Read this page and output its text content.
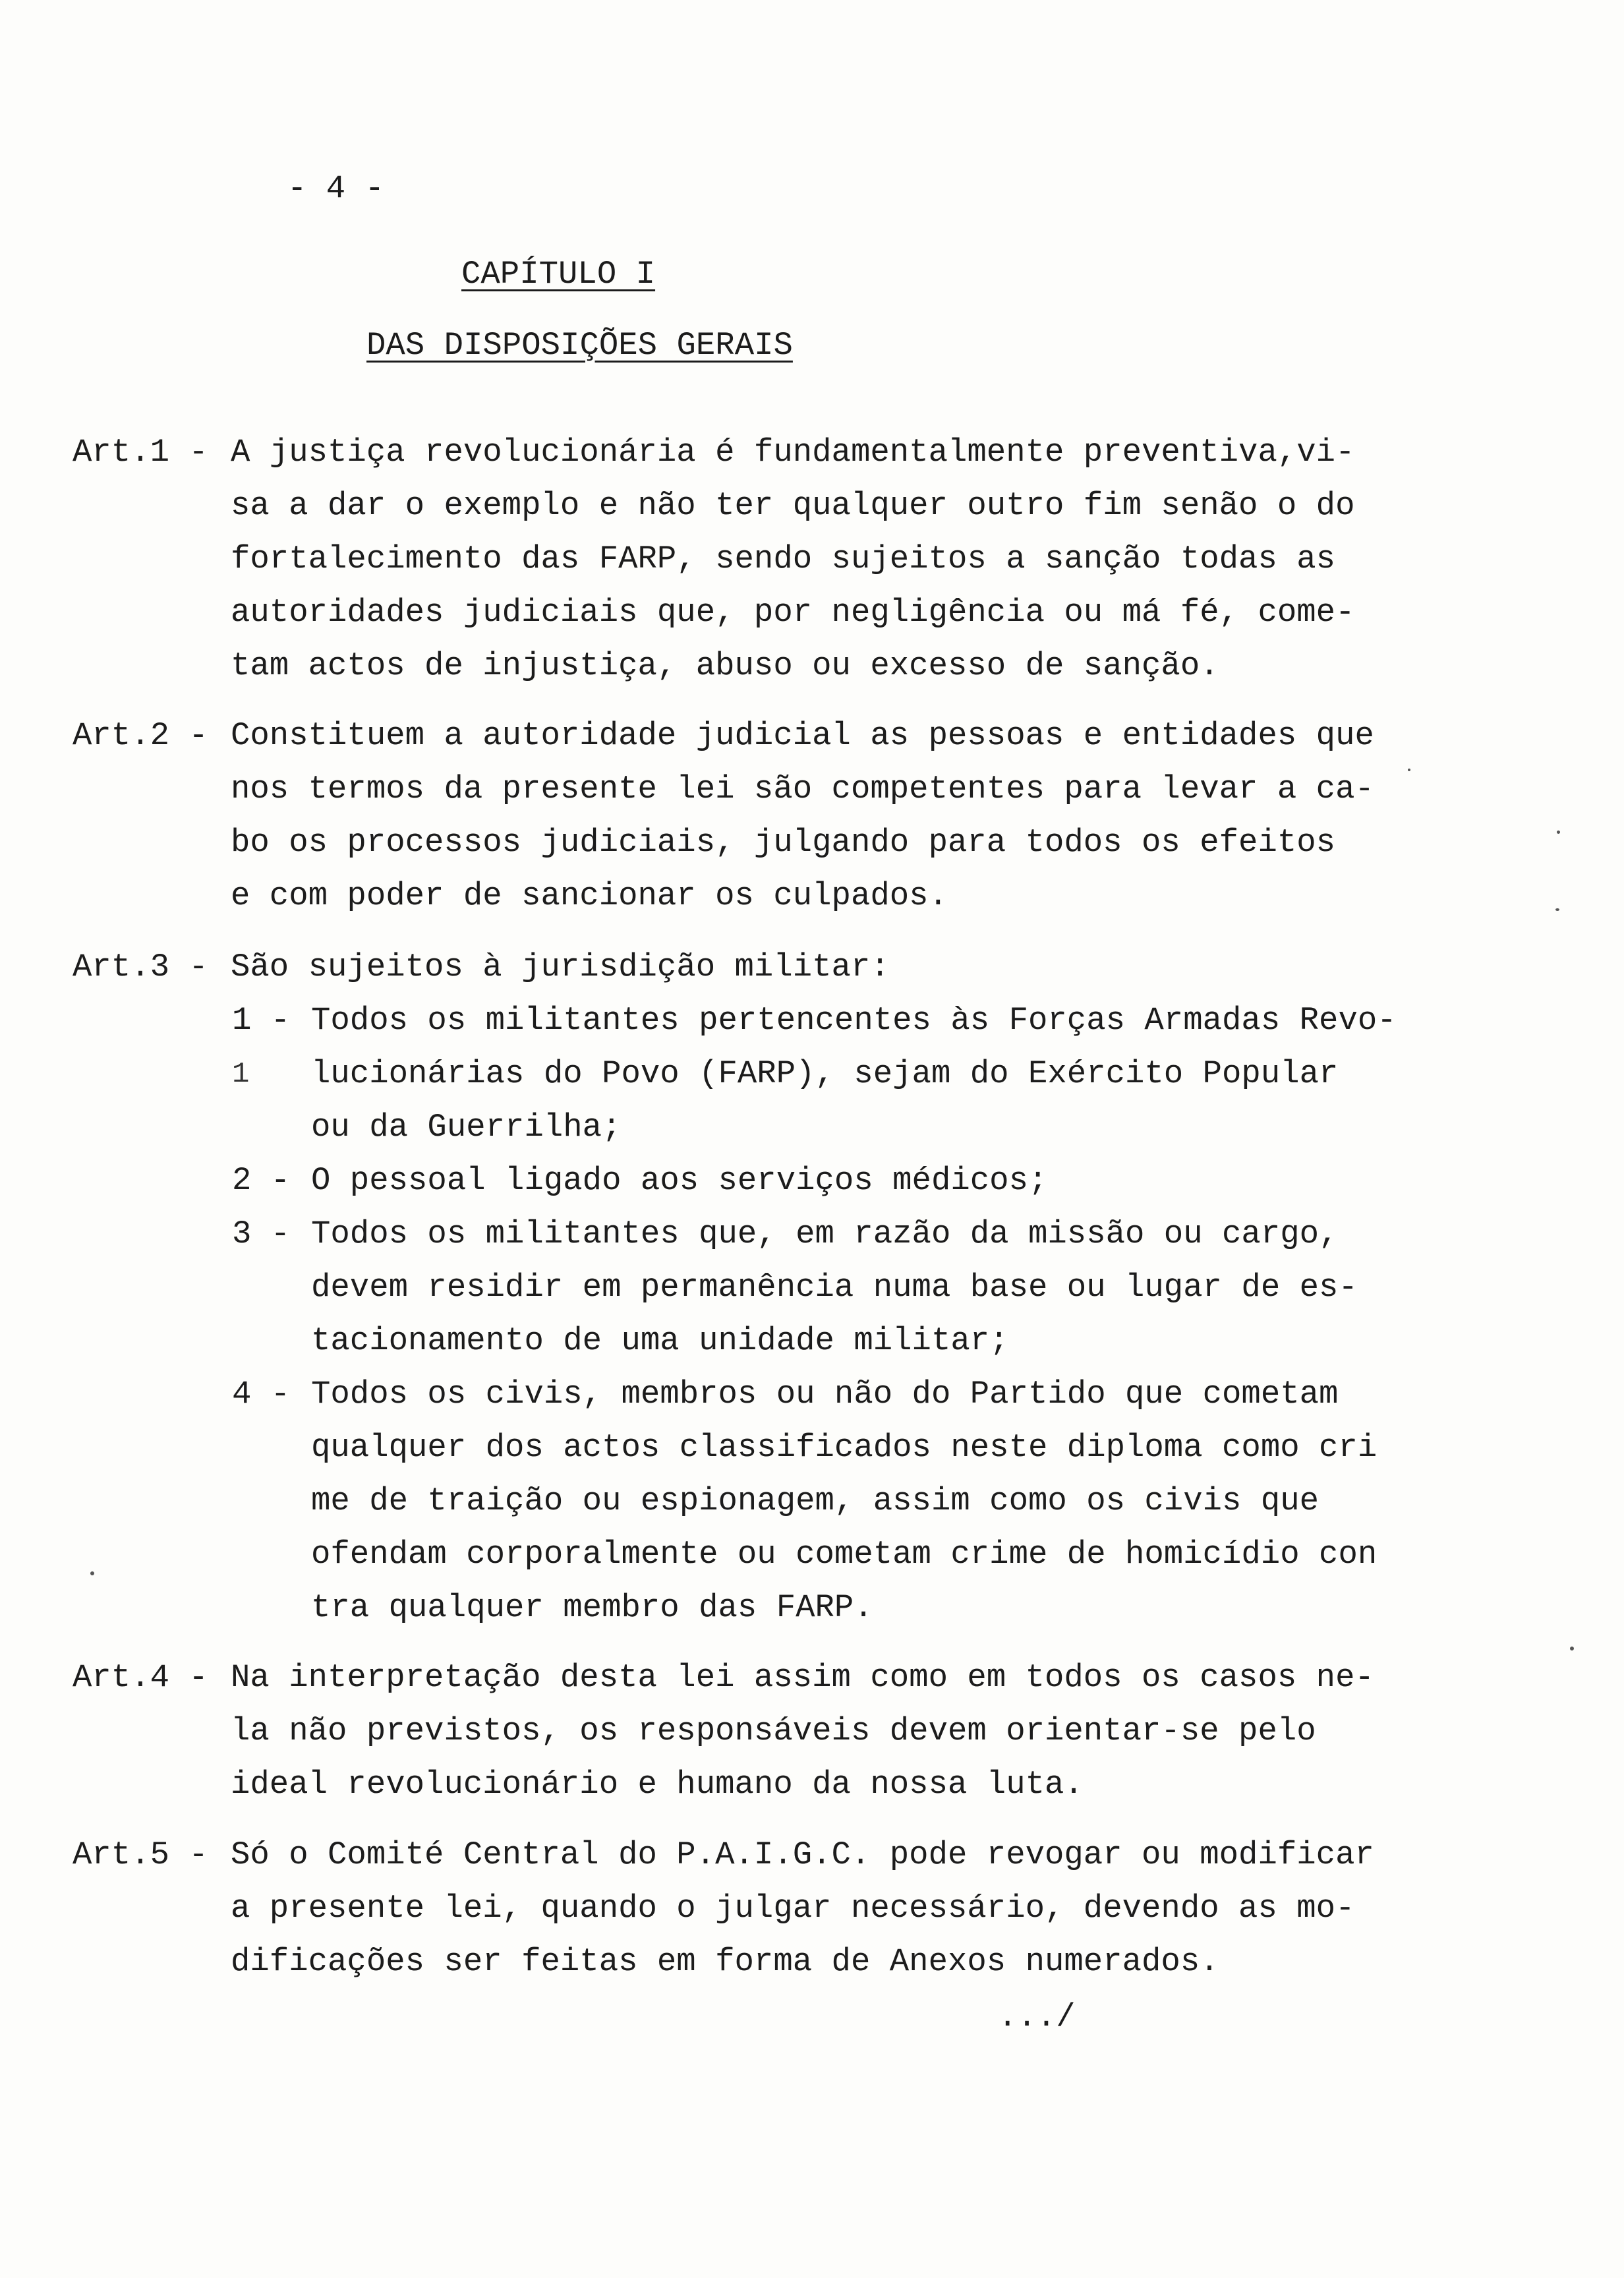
- 4 -
CAPÍTULO I
DAS DISPOSIÇÕES GERAIS
Art.1 - A justiça revolucionária é fundamentalmente preventiva,vi-
sa a dar o exemplo e não ter qualquer outro fim senão o do
fortalecimento das FARP, sendo sujeitos a sanção todas as
autoridades judiciais que, por negligência ou má fé, come-
tam actos de injustiça, abuso ou excesso de sanção.
Art.2 - Constituem a autoridade judicial as pessoas e entidades que
nos termos da presente lei são competentes para levar a ca-
bo os processos judiciais, julgando para todos os efeitos
e com poder de sancionar os culpados.
Art.3 - São sujeitos à jurisdição militar:
1 - Todos os militantes pertencentes às Forças Armadas Revo-
1 lucionárias do Povo (FARP), sejam do Exército Popular
ou da Guerrilha;
2 - O pessoal ligado aos serviços médicos;
3 - Todos os militantes que, em razão da missão ou cargo,
devem residir em permanência numa base ou lugar de es-
tacionamento de uma unidade militar;
4 - Todos os civis, membros ou não do Partido que cometam
qualquer dos actos classificados neste diploma como cri
me de traição ou espionagem, assim como os civis que
ofendam corporalmente ou cometam crime de homicídio con
tra qualquer membro das FARP.
Art.4 - Na interpretação desta lei assim como em todos os casos ne-
la não previstos, os responsáveis devem orientar-se pelo
ideal revolucionário e humano da nossa luta.
Art.5 - Só o Comité Central do P.A.I.G.C. pode revogar ou modificar
a presente lei, quando o julgar necessário, devendo as mo-
dificações ser feitas em forma de Anexos numerados.
.../
